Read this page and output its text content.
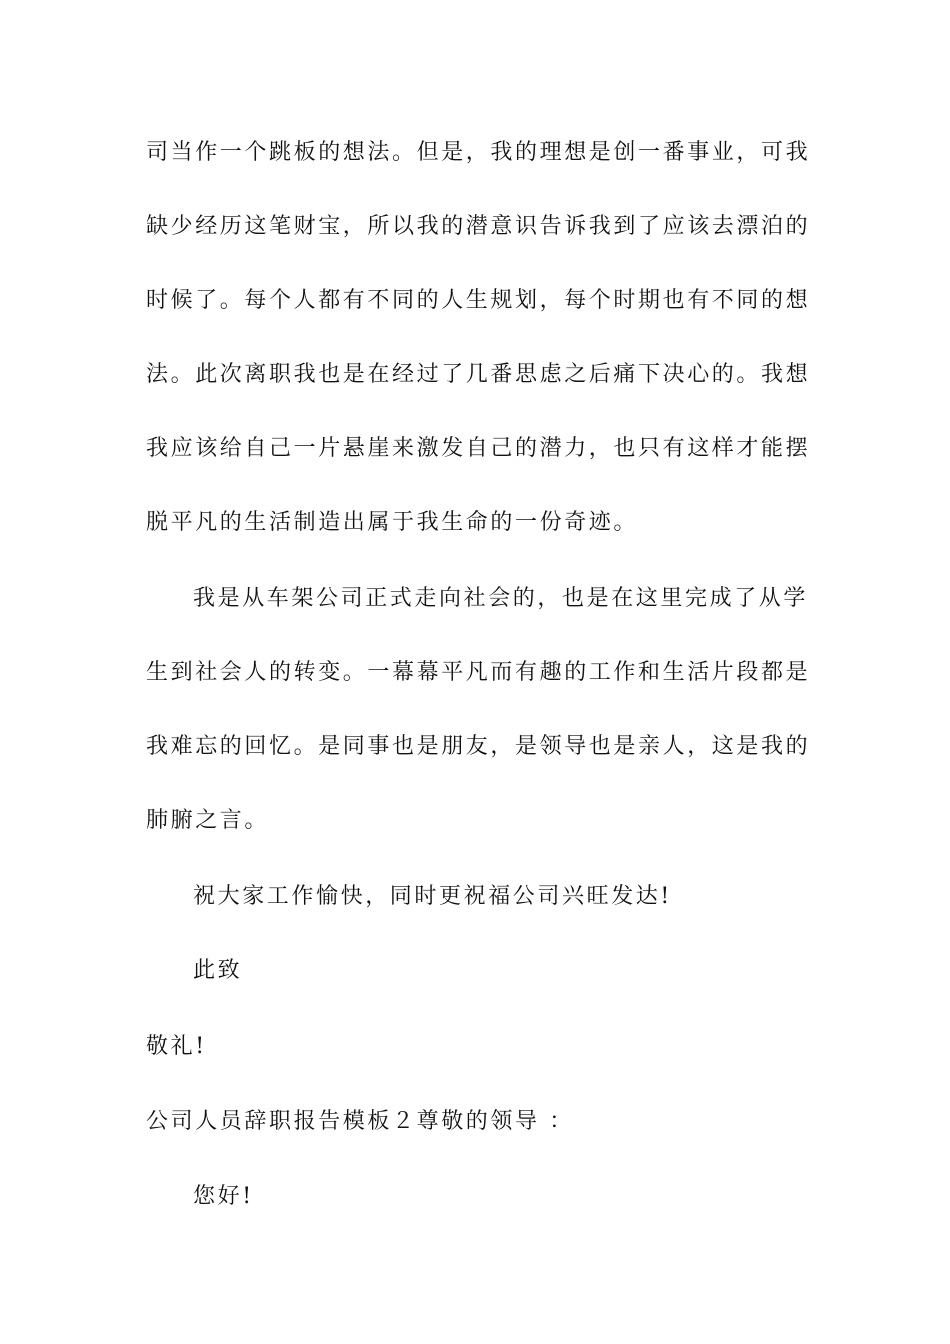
司当作一个跳板的想法。但是，我的理想是创一番事业，可我
缺少经历这笔财宝，所以我的潜意识告诉我到了应该去漂泊的
时候了。每个人都有不同的人生规划，每个时期也有不同的想
法。此次离职我也是在经过了几番思虑之后痛下决心的。我想
我应该给自己一片悬崖来激发自己的潜力，也只有这样才能摆
脱平凡的生活制造出属于我生命的一份奇迹。
我是从车架公司正式走向社会的，也是在这里完成了从学
生到社会人的转变。一幕幕平凡而有趣的工作和生活片段都是
我难忘的回忆。是同事也是朋友，是领导也是亲人，这是我的
肺腑之言。
祝大家工作愉快，同时更祝福公司兴旺发达!
此致
敬礼!
公司人员辞职报告模板２尊敬的领导 ：
您好!
